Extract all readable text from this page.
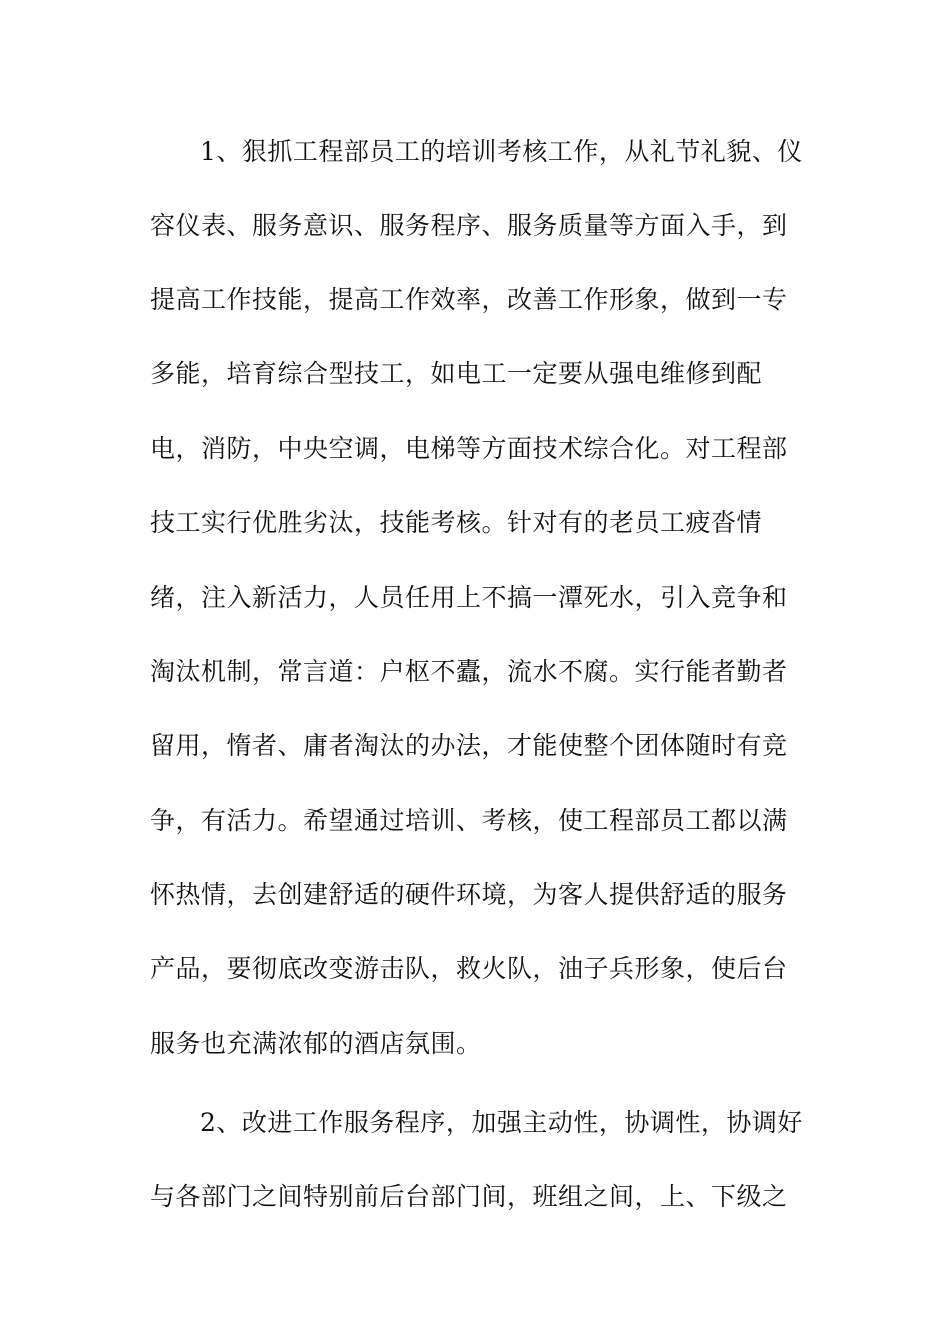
1、狠抓工程部员工的培训考核工作，从礼节礼貌、仪
容仪表、服务意识、服务程序、服务质量等方面入手，到
提高工作技能，提高工作效率，改善工作形象，做到一专
多能，培育综合型技工，如电工一定要从强电维修到配
电，消防，中央空调，电梯等方面技术综合化。对工程部
技工实行优胜劣汰，技能考核。针对有的老员工疲沓情
绪，注入新活力，人员任用上不搞一潭死水，引入竞争和
淘汰机制，常言道：户枢不蠹，流水不腐。实行能者勤者
留用，惰者、庸者淘汰的办法，才能使整个团体随时有竞
争，有活力。希望通过培训、考核，使工程部员工都以满
怀热情，去创建舒适的硬件环境，为客人提供舒适的服务
产品，要彻底改变游击队，救火队，油子兵形象，使后台
服务也充满浓郁的酒店氛围。
2、改进工作服务程序，加强主动性，协调性，协调好
与各部门之间特别前后台部门间，班组之间，上、下级之
